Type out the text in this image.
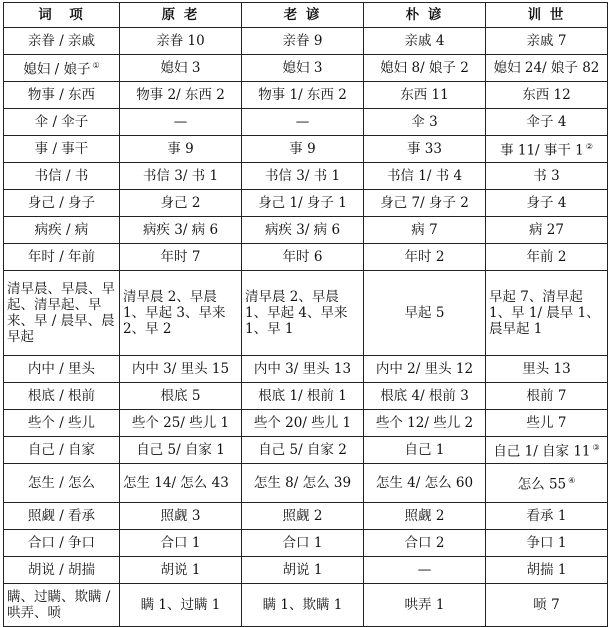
词　项	原 老	老 谚	朴 谚	训 世
亲眷 / 亲戚	亲眷 10	亲眷 9	亲戚 4	亲戚 7
媳妇 / 娘子 ①	媳妇 3	媳妇 3	媳妇 8/ 娘子 2	媳妇 24/ 娘子 82
物事 / 东西	物事 2/ 东西 2	物事 1/ 东西 2	东西 11	东西 12
伞 / 伞子	—	—	伞 3	伞子 4
事 / 事干	事 9	事 9	事 33	事 11/ 事干 1 ②
书信 / 书	书信 3/ 书 1	书信 3/ 书 1	书信 1/ 书 4	书 3
身己 / 身子	身己 2	身己 1/ 身子 1	身己 7/ 身子 2	身子 4
病疾 / 病	病疾 3/ 病 6	病疾 3/ 病 6	病 7	病 27
年时 / 年前	年时 7	年时 6	年时 2	年前 2
清早晨、早晨、早起、清早起、早来、早 / 晨早、晨早起	清早晨 2、早晨 1、早起 3、早来 2、早 2	清早晨 2、早晨 1、早起 4、早来 1、早 1	早起 5	早起 7、清早起 1、早 1/ 晨早 1、晨早起 1
内中 / 里头	内中 3/ 里头 15	内中 3/ 里头 13	内中 2/ 里头 12	里头 13
根底 / 根前	根底 5	根底 1/ 根前 1	根底 4/ 根前 3	根前 7
些个 / 些儿	些个 25/ 些儿 1	些个 20/ 些儿 1	些个 12/ 些儿 2	些儿 7
自己 / 自家	自己 5/ 自家 1	自己 5/ 自家 2	自己 1	自己 1/ 自家 11 ③
怎生 / 怎么	怎生 14/ 怎么 43	怎生 8/ 怎么 39	怎生 4/ 怎么 60	怎么 55 ④
照觑 / 看承	照觑 3	照觑 2	照觑 2	看承 1
合口 / 争口	合口 1	合口 1	合口 2	争口 1
胡说 / 胡揣	胡说 1	胡说 1	—	胡揣 1
瞒、过瞒、欺瞒 / 哄弄、唝	瞒 1、过瞒 1	瞒 1、欺瞒 1	哄弄 1	唝 7
